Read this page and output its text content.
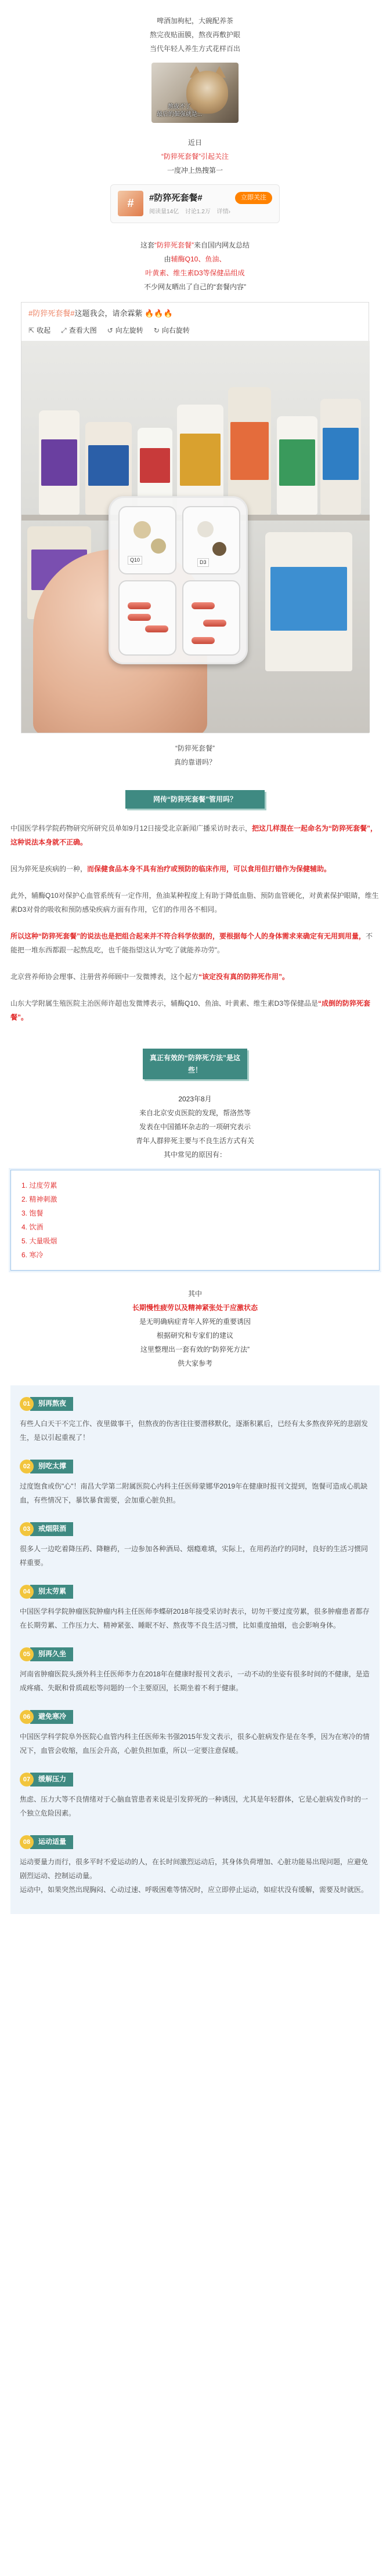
啤酒加枸杞，大碗配养茶

熬完夜贴面膜，熬夜再敷护眼

当代年轻人养生方式花样百出

熬夜不了
最后的倔强就是...

近日

“防猝死套餐”引起关注

一度冲上热搜第一

#	#防猝死套餐#	立即关注
阅读量14亿 讨论1.2万 详情›

这套“防猝死套餐”来自国内网友总结

由辅酶Q10、鱼油、

叶黄素、维生素D3等保健品组成

不少网友晒出了自己的“套餐内容”

#防猝死套餐#这题我会，请余霖紫 🔥🔥🔥
⇱ 收起 ⤢ 查看大图 ↺ 向左旋转 ↻ 向右旋转
Q10	D3

“防猝死套餐”

真的靠谱吗？

网传“防猝死套餐”管用吗？

中国医学科学院药物研究所研究员单如9月12日接受北京新闻广播采访时表示，把这几样混在一起命名为“防猝死套餐”，这种说法本身就不正确。

因为猝死是疾病的一种，而保健食品本身不具有治疗或预防的临床作用，可以食用但打错作为保健辅助。

此外，辅酶Q10对保护心血管系统有一定作用，鱼油某种程度上有助于降低血脂、预防血管硬化，对黄素保护眼睛，维生素D3对骨的吸收和预防感染疾病方面有作用，它们的作用各不相同。

所以这种“防猝死套餐”的说法也是把组合起来并不符合科学依据的，要根据每个人的身体需求来确定有无用到用量，不能把一堆东西都跟一起熬乱吃，也千能指望这认为“吃了就能养功劳”。

北京营养师协会理事、注册营养师顾中一发微博表，这个起方“该定没有真的防猝死作用”。

山东大学附属生殖医院主治医师许超也发微博表示，辅酶Q10、鱼油、叶黄素、维生素D3等保健品是“成倒的防猝死套餐”。

真正有效的“防猝死方法”是这些！

2023年8月

来自北京安贞医院的发现，帮洛然等

发表在中国循环杂志的一项研究表示

青年人群猝死主要与不良生活方式有关

其中常见的原因有：

1. 过度劳累

2. 精神刺激

3. 饱餐

4. 饮酒

5. 大量吸烟

6. 寒冷

其中

长期慢性疲劳以及精神紧张处于应激状态

是无明确病症青年人猝死的重要诱因

根据研究和专家们的建议

这里整理出一套有效的“防猝死方法”

供大家参考

01	别再熬夜

有些人白天干不完工作、夜里做事干，但熬夜的伤害往往要潜移默化，逐渐积累后，已经有太多熬夜猝死的悲剧发生，是以引起重视了！

02	别吃太撑

过度饱食或伤"心"！南昌大学第二附属医院心内科主任医师蒙娜华2019年在健康时报刊文提到，饱餐可造成心肌缺血，有些情况下，暴饮暴食需要，会加重心脏负担。

03	戒烟限酒

很多人一边吃着降压药、降糖药，一边参加各种酒局、烟瘾难填，实际上，在用药治疗的同时，良好的生活习惯同样重要。

04	别太劳累

中国医学科学院肿瘤医院肿瘤内科主任医师李蝶研2018年接受采访时表示，切勿干要过度劳累，很多肿瘤患者都存在长期劳累、工作压力大、精神紧张、睡眠不好、熬夜等不良生活习惯，比如重度抽烟，也会影响身体。

05	别再久坐

河南省肿瘤医院头颈外科主任医师李力在2018年在健康时报刊文表示，一动不动的坐姿有很多时间的不健康，是造成疼痛、失眠和骨质疏松等问题的一个主要原因，长期坐着不利于健康。

06	避免寒冷

中国医学科学院阜外医院心血管内科主任医师朱书强2015年发文表示，很多心脏病发作是在冬季，因为在寒冷的情况下，血管会收缩，血压会升高，心脏负担加重，所以一定要注意保暖。

07	缓解压力

焦虑、压力大等不良情绪对于心脑血管患者来说是引发猝死的一种诱因，尤其是年轻群体，它是心脏病发作时的一个独立危险因素。

08	运动适量

运动要量力而行，很多平时不爱运动的人，在长时间激烈运动后，其身体负荷增加、心脏功能易出现问题，应避免剧烈运动、控制运动量。
运动中，如果突然出现胸闷、心动过速、呼吸困难等情况时，应立即停止运动，如症状没有缓解，需要及时就医。
